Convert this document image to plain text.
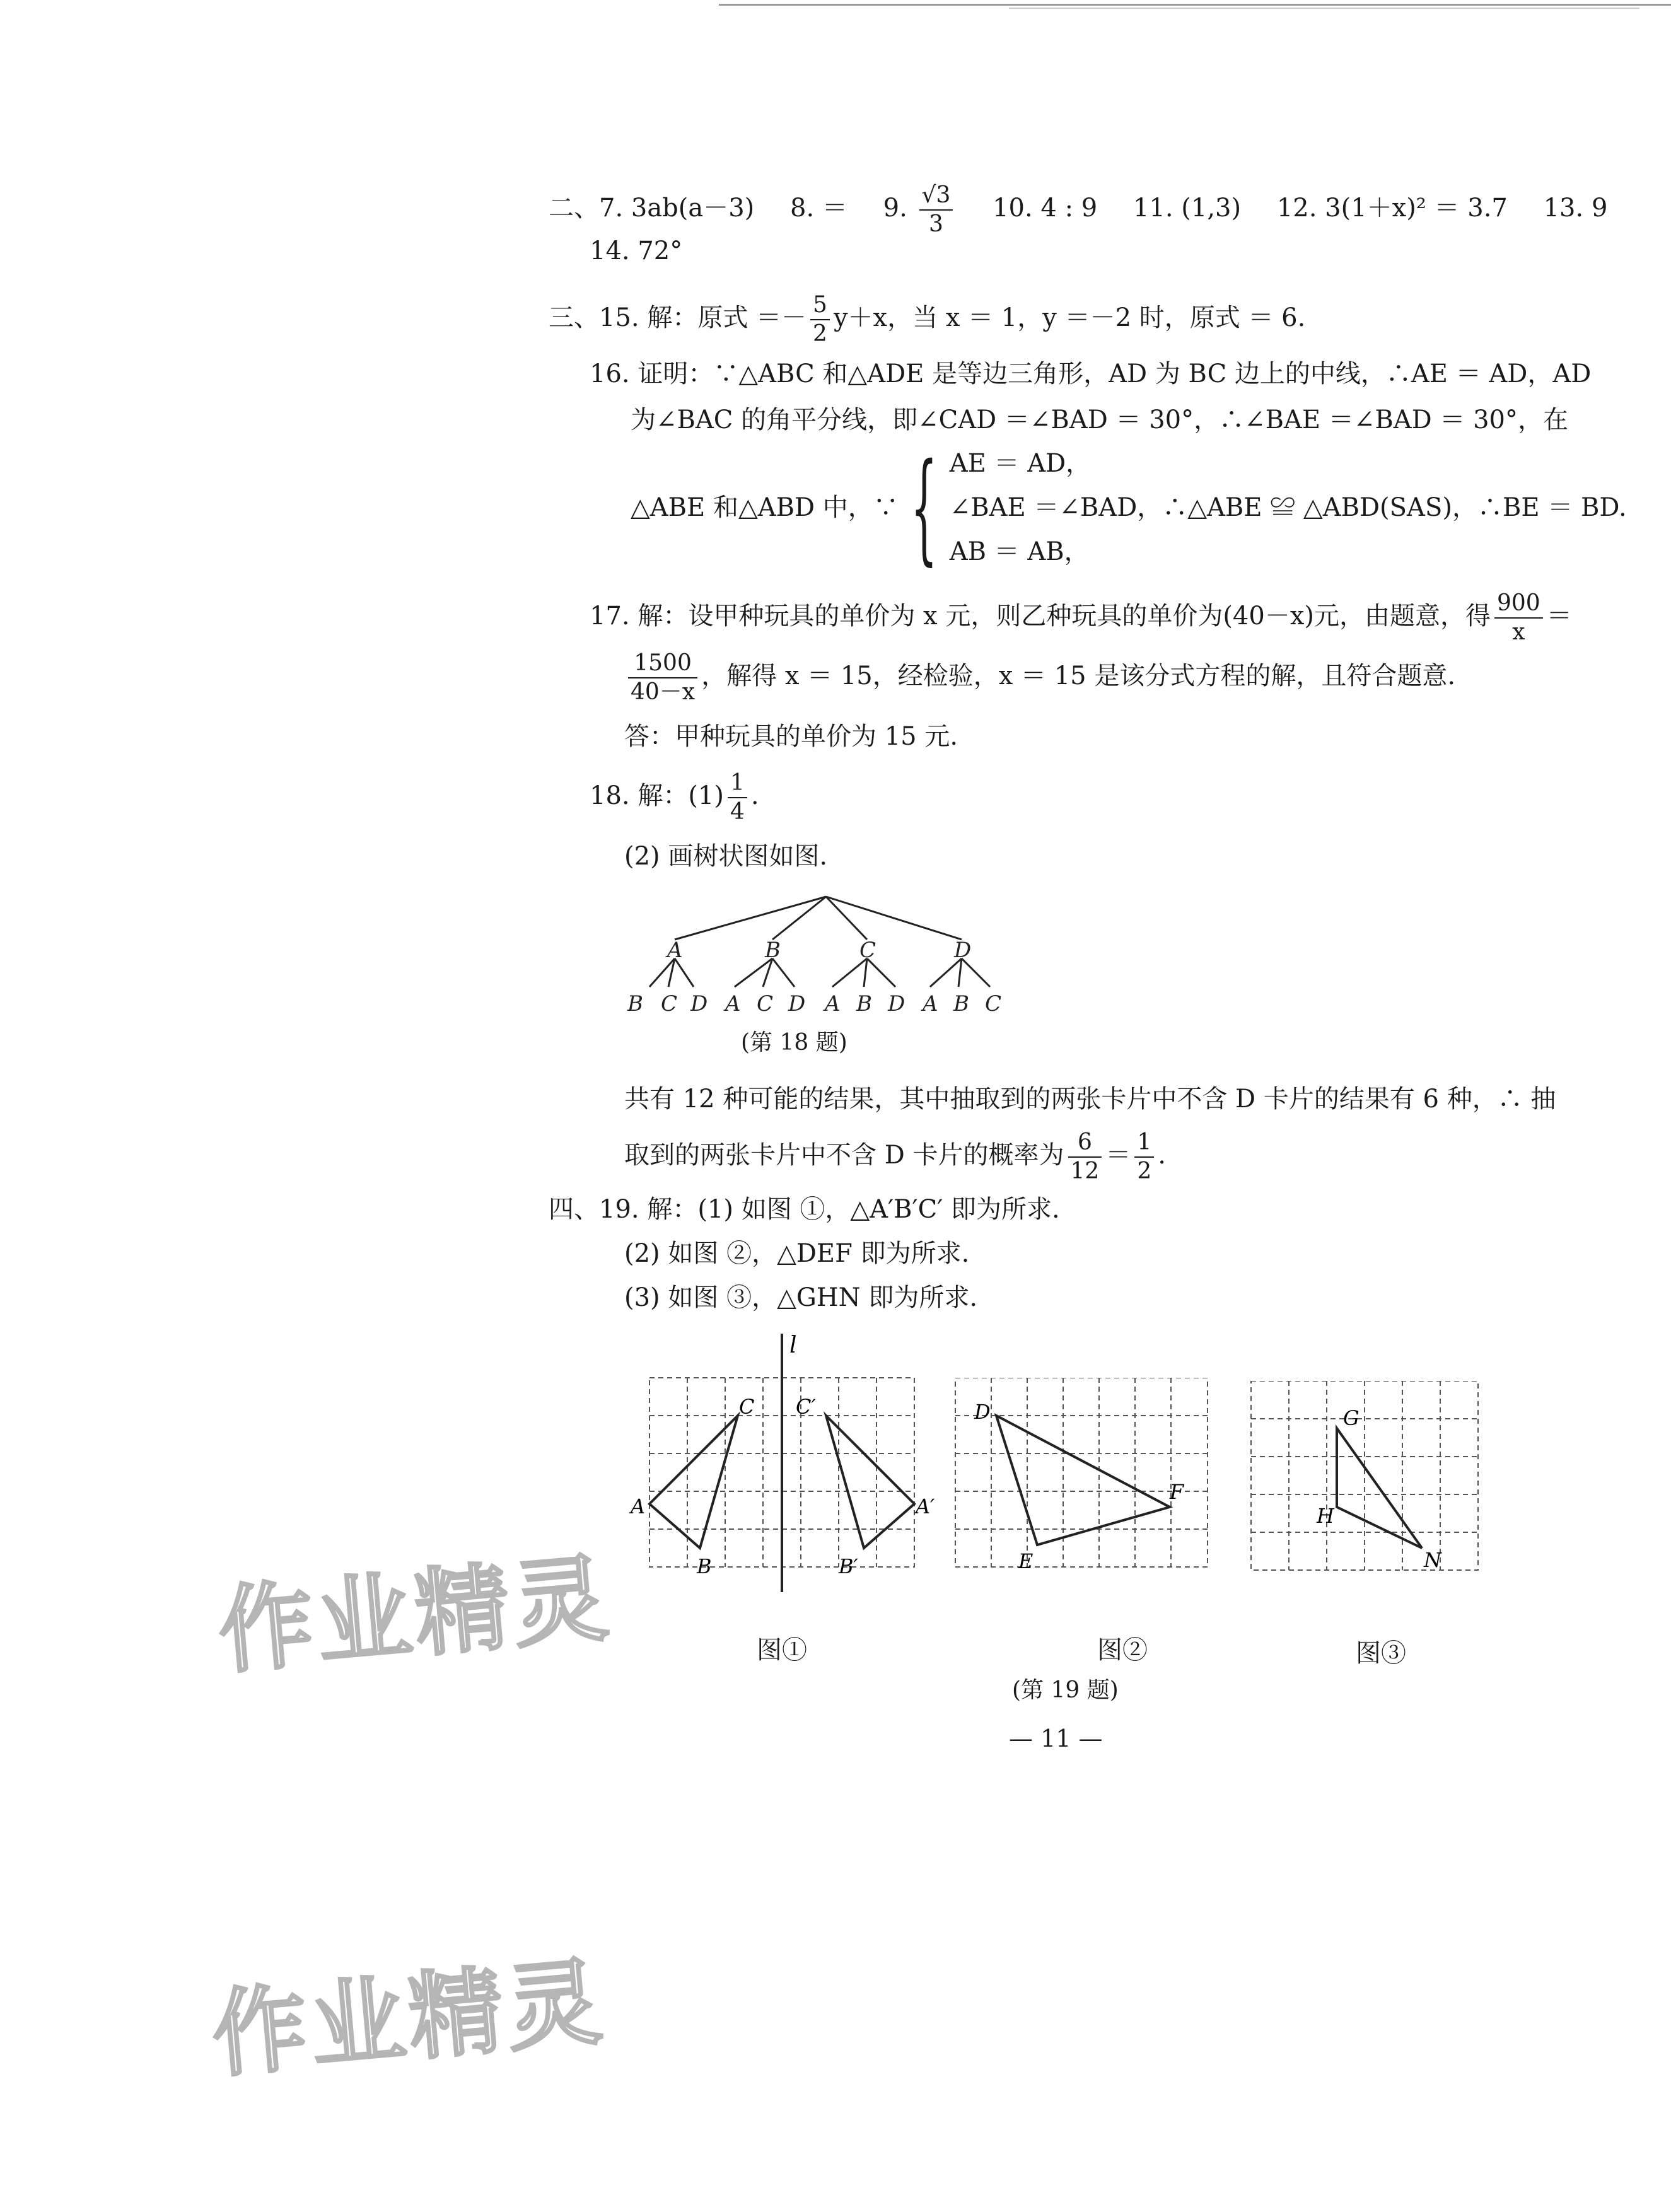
二、7. 3ab(a－3) 8. ＝ 9. $\frac{√3}{3} 10$. 4 : 9 11. (1,3) 12. 3(1＋x)² ＝ 3.7 13. 9
14. 72°
三、15. 解：原式 ＝－ $\frac{5}{2} y+x$，当 x ＝ 1，y ＝－2 时，原式 ＝ 6.
16. 证明：∵△ABC 和△ADE 是等边三角形，AD 为 BC 边上的中线，∴AE ＝ AD，AD
为∠BAC 的角平分线，即∠CAD ＝∠BAD ＝ 30°，∴∠BAE ＝∠BAD ＝ 30°，在
△ABE 和△ABD 中，∵ { AE ＝ AD，
∠BAE ＝∠BAD，∴△ABE ≌ △ABD(SAS)，∴BE ＝ BD.
AB ＝ AB，
17. 解：设甲种玩具的单价为 x 元，则乙种玩具的单价为(40－x)元，由题意，得 $\frac{900}{x}$ ＝
$\frac{1500}{40-x}$ ，解得 x ＝ 15，经检验，x ＝ 15 是该分式方程的解，且符合题意.
答：甲种玩具的单价为 15 元.
18. 解：$(1) \frac{1}{4}$ .
(2) 画树状图如图.
A	B	C	D
B C D A C D A B D A B C
(第 18 题)
共有 12 种可能的结果，其中抽取到的两张卡片中不含 D 卡片的结果有 6 种，∴ 抽
取到的两张卡片中不含 D 卡片的概率为 $\frac{6}{12} = \frac{1}{2}$ .
四、19. 解：(1) 如图 ①，△A′B′C′ 即为所求.
(2) 如图 ②，△DEF 即为所求.
(3) 如图 ③，△GHN 即为所求.
l
C
A
B
C′
A′
B′
图①
D
F
E
图②
G
H
N
图③
(第 19 题)
— 11 —
作业精灵
作业精灵
